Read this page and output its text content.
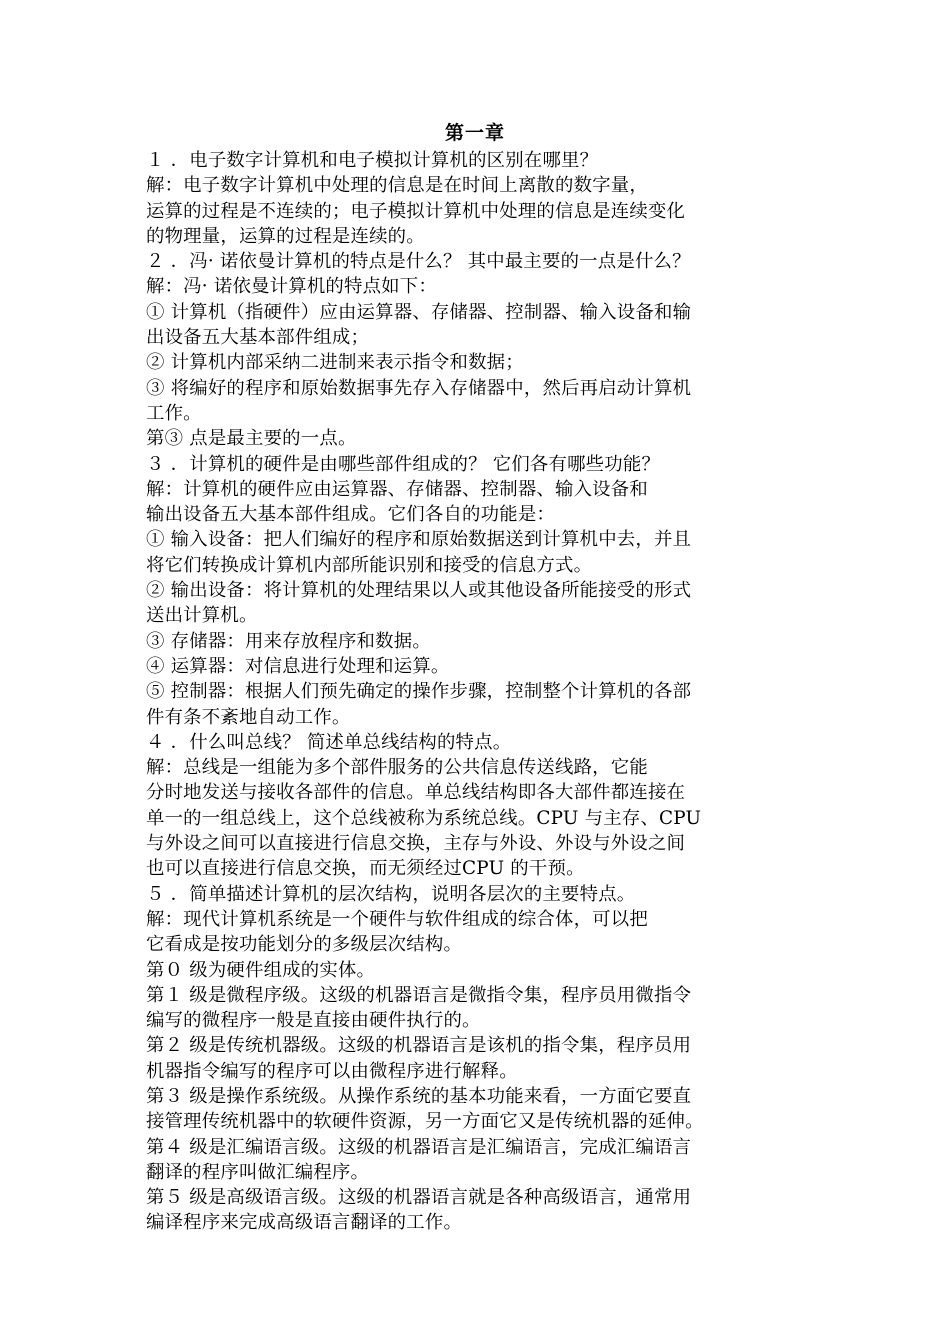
第一章

１ ．电子数字计算机和电子模拟计算机的区别在哪里？

解：电子数字计算机中处理的信息是在时间上离散的数字量，

运算的过程是不连续的；电子模拟计算机中处理的信息是连续变化

的物理量，运算的过程是连续的。

２ ．冯· 诺依曼计算机的特点是什么？ 其中最主要的一点是什么？

解：冯· 诺依曼计算机的特点如下：

① 计算机（指硬件）应由运算器、存储器、控制器、输入设备和输

出设备五大基本部件组成；

② 计算机内部采纳二进制来表示指令和数据；

③ 将编好的程序和原始数据事先存入存储器中，然后再启动计算机

工作。

第③ 点是最主要的一点。

３ ．计算机的硬件是由哪些部件组成的？ 它们各有哪些功能？

解：计算机的硬件应由运算器、存储器、控制器、输入设备和

输出设备五大基本部件组成。它们各自的功能是：

① 输入设备：把人们编好的程序和原始数据送到计算机中去，并且

将它们转换成计算机内部所能识别和接受的信息方式。

② 输出设备：将计算机的处理结果以人或其他设备所能接受的形式

送出计算机。

③ 存储器：用来存放程序和数据。

④ 运算器：对信息进行处理和运算。

⑤ 控制器：根据人们预先确定的操作步骤，控制整个计算机的各部

件有条不紊地自动工作。

４ ．什么叫总线？ 简述单总线结构的特点。

解：总线是一组能为多个部件服务的公共信息传送线路，它能

分时地发送与接收各部件的信息。单总线结构即各大部件都连接在

单一的一组总线上，这个总线被称为系统总线。CPU 与主存、CPU

与外设之间可以直接进行信息交换，主存与外设、外设与外设之间

也可以直接进行信息交换，而无须经过CPU 的干预。

５ ．简单描述计算机的层次结构，说明各层次的主要特点。

解：现代计算机系统是一个硬件与软件组成的综合体，可以把

它看成是按功能划分的多级层次结构。

第０ 级为硬件组成的实体。

第１ 级是微程序级。这级的机器语言是微指令集，程序员用微指令

编写的微程序一般是直接由硬件执行的。

第２ 级是传统机器级。这级的机器语言是该机的指令集，程序员用

机器指令编写的程序可以由微程序进行解释。

第３ 级是操作系统级。从操作系统的基本功能来看，一方面它要直

接管理传统机器中的软硬件资源，另一方面它又是传统机器的延伸。

第４ 级是汇编语言级。这级的机器语言是汇编语言，完成汇编语言

翻译的程序叫做汇编程序。

第５ 级是高级语言级。这级的机器语言就是各种高级语言，通常用

编译程序来完成高级语言翻译的工作。
